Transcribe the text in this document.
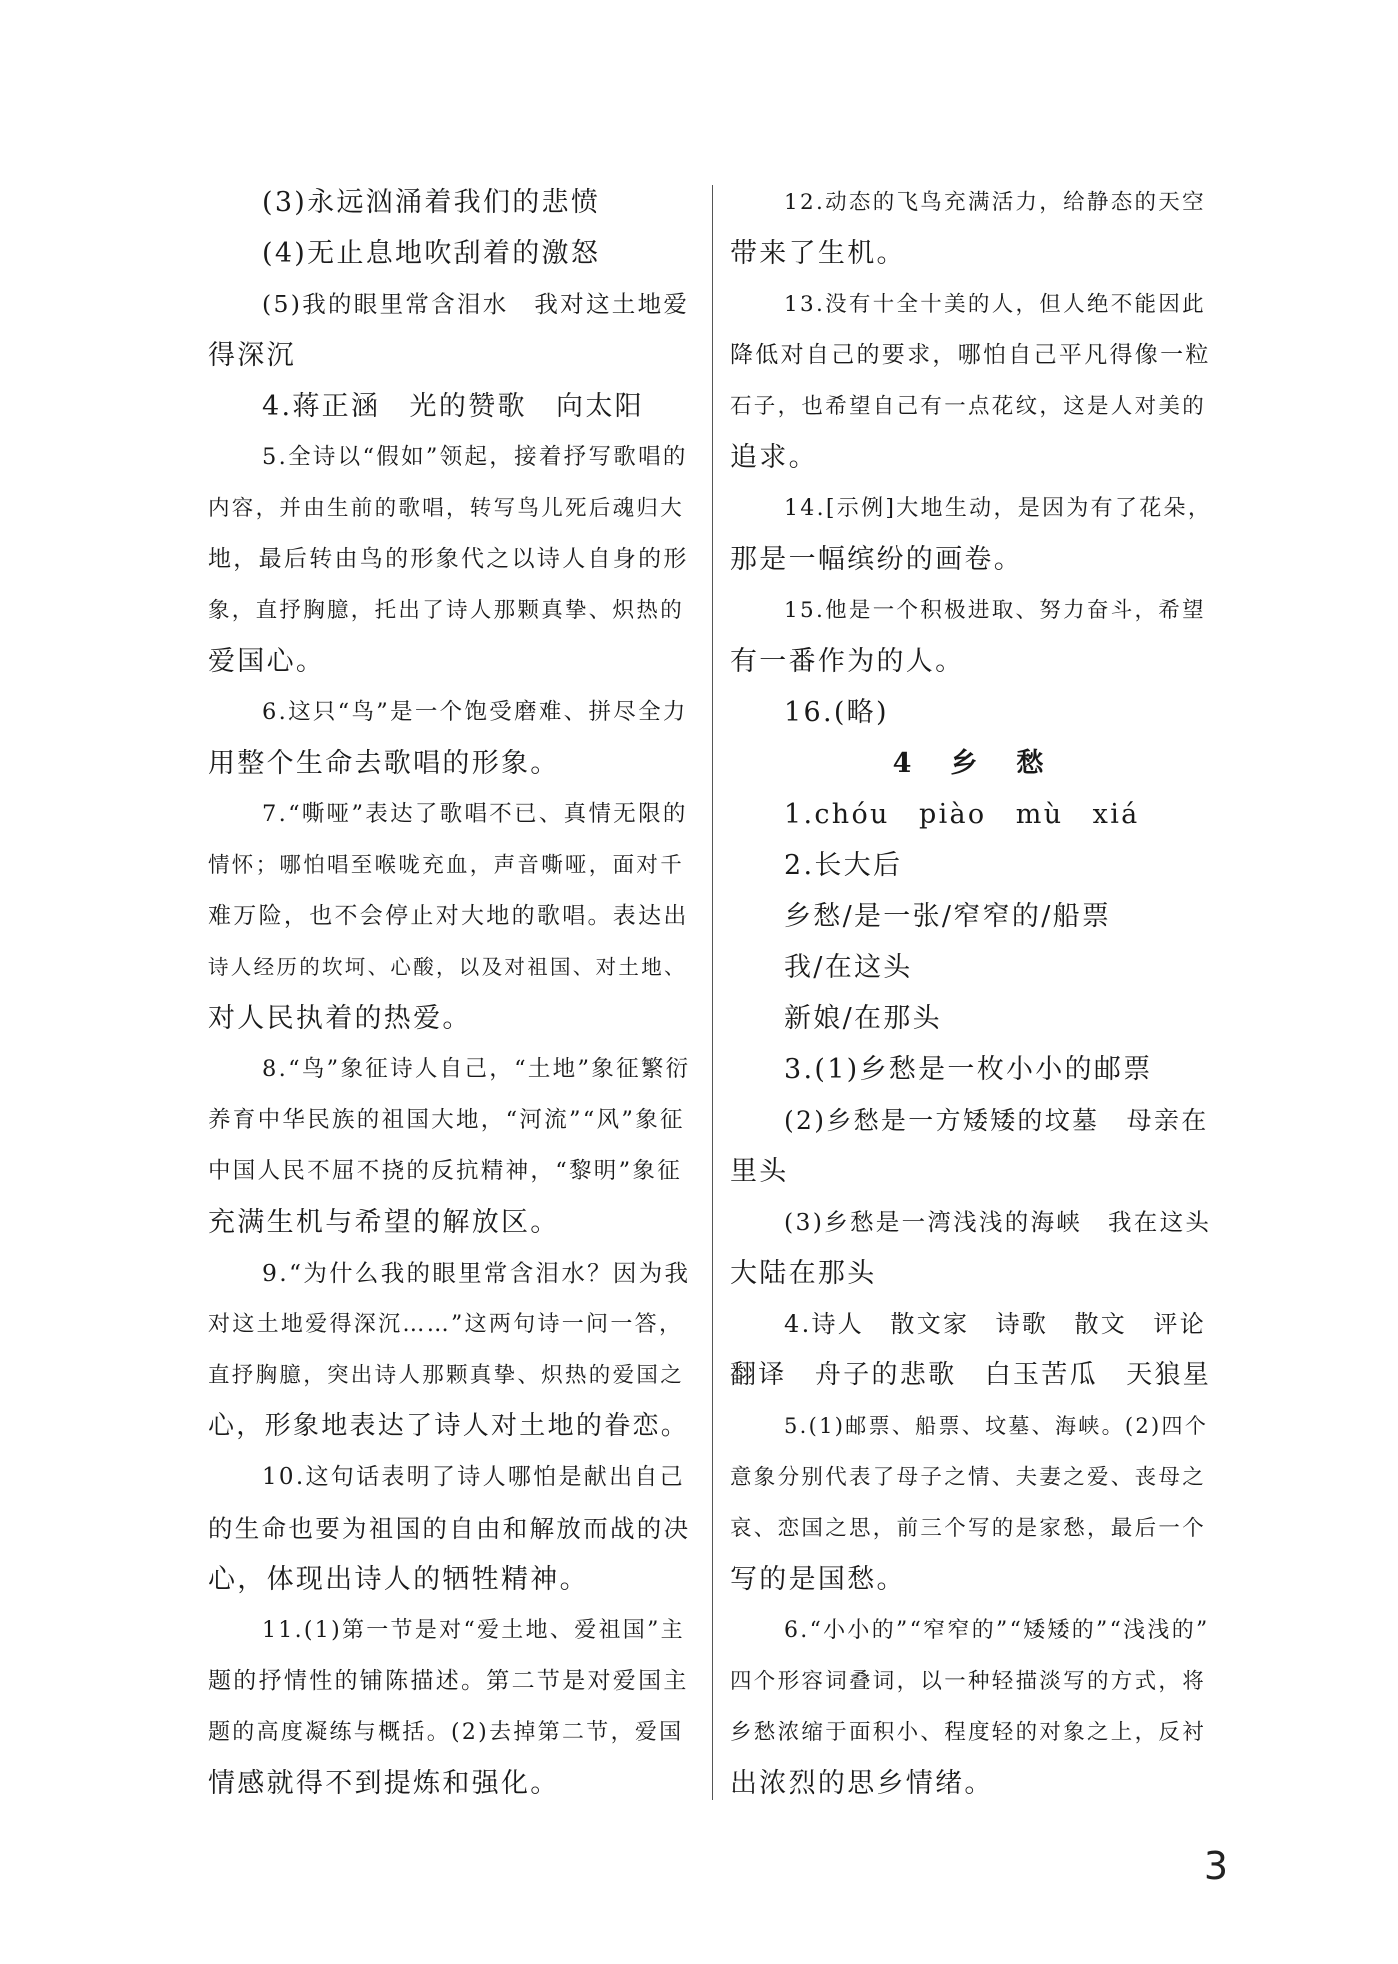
(3)永远汹涌着我们的悲愤
(4)无止息地吹刮着的激怒
(5)我的眼里常含泪水　我对这土地爱
得深沉
4.蒋正涵　光的赞歌　向太阳
5.全诗以“假如”领起，接着抒写歌唱的
内容，并由生前的歌唱，转写鸟儿死后魂归大
地，最后转由鸟的形象代之以诗人自身的形
象，直抒胸臆，托出了诗人那颗真挚、炽热的
爱国心。
6.这只“鸟”是一个饱受磨难、拼尽全力
用整个生命去歌唱的形象。
7.“嘶哑”表达了歌唱不已、真情无限的
情怀；哪怕唱至喉咙充血，声音嘶哑，面对千
难万险，也不会停止对大地的歌唱。表达出
诗人经历的坎坷、心酸，以及对祖国、对土地、
对人民执着的热爱。
8.“鸟”象征诗人自己，“土地”象征繁衍
养育中华民族的祖国大地，“河流”“风”象征
中国人民不屈不挠的反抗精神，“黎明”象征
充满生机与希望的解放区。
9.“为什么我的眼里常含泪水？因为我
对这土地爱得深沉……”这两句诗一问一答，
直抒胸臆，突出诗人那颗真挚、炽热的爱国之
心，形象地表达了诗人对土地的眷恋。
10.这句话表明了诗人哪怕是献出自己
的生命也要为祖国的自由和解放而战的决
心，体现出诗人的牺牲精神。
11.(1)第一节是对“爱土地、爱祖国”主
题的抒情性的铺陈描述。第二节是对爱国主
题的高度凝练与概括。(2)去掉第二节，爱国
情感就得不到提炼和强化。
12.动态的飞鸟充满活力，给静态的天空
带来了生机。
13.没有十全十美的人，但人绝不能因此
降低对自己的要求，哪怕自己平凡得像一粒
石子，也希望自己有一点花纹，这是人对美的
追求。
14.[示例]大地生动，是因为有了花朵，
那是一幅缤纷的画卷。
15.他是一个积极进取、努力奋斗，希望
有一番作为的人。
16.(略)
4　乡　愁
1.chóu　piào　mù　xiá
2.长大后
乡愁/是一张/窄窄的/船票
我/在这头
新娘/在那头
3.(1)乡愁是一枚小小的邮票
(2)乡愁是一方矮矮的坟墓　母亲在
里头
(3)乡愁是一湾浅浅的海峡　我在这头
大陆在那头
4.诗人　散文家　诗歌　散文　评论
翻译　舟子的悲歌　白玉苦瓜　天狼星
5.(1)邮票、船票、坟墓、海峡。(2)四个
意象分别代表了母子之情、夫妻之爱、丧母之
哀、恋国之思，前三个写的是家愁，最后一个
写的是国愁。
6.“小小的”“窄窄的”“矮矮的”“浅浅的”
四个形容词叠词，以一种轻描淡写的方式，将
乡愁浓缩于面积小、程度轻的对象之上，反衬
出浓烈的思乡情绪。
3
